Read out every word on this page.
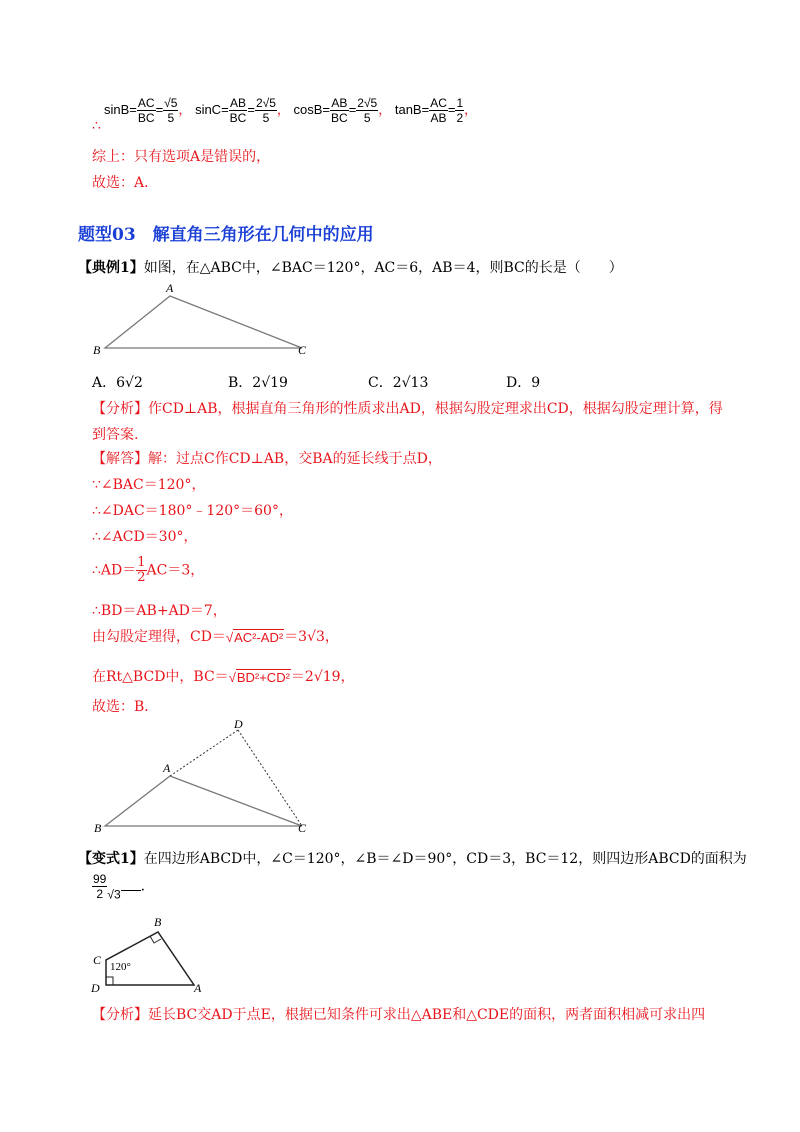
$\sin B= \frac{AC}{BC} = \frac{√5}{5}$ ， $\sin C= \frac{AB}{BC} = \frac{2√5}{5}$ ， $\cos B= \frac{AB}{BC} = \frac{2√5}{5}$ ， $\tan B= \frac{AC}{AB} = \frac{1}{2}$ ，
∴
综上：只有选项A是错误的，
故选：A．
题型03　解直角三角形在几何中的应用
【典例1】如图，在△ABC中，∠BAC＝120°，AC＝6，AB＝4，则BC的长是（　　）
A
B	C
A．6√2	B．2√19	C．2√13	D．9
【分析】作CD⊥AB，根据直角三角形的性质求出AD，根据勾股定理求出CD，根据勾股定理计算，得
到答案.
【解答】解：过点C作CD⊥AB，交BA的延长线于点D，
∵∠BAC＝120°，
∴∠DAC＝180°﹣120°＝60°，
∴∠ACD＝30°，
∴AD＝ $\frac{1}{2} AC=3$，
∴BD＝AB+AD＝7，
由勾股定理得，CD＝√AC²-AD²＝3√3，
在Rt△BCD中，BC＝√BD²+CD²＝2√19，
故选：B．
A
B	C
D
【变式1】在四边形ABCD中，∠C＝120°，∠B＝∠D＝90°，CD＝3，BC＝12，则四边形ABCD的面积为
$\frac{99}{2} √3$ ．
B
C
D	A
120°
【分析】延长BC交AD于点E，根据已知条件可求出△ABE和△CDE的面积，两者面积相减可求出四
